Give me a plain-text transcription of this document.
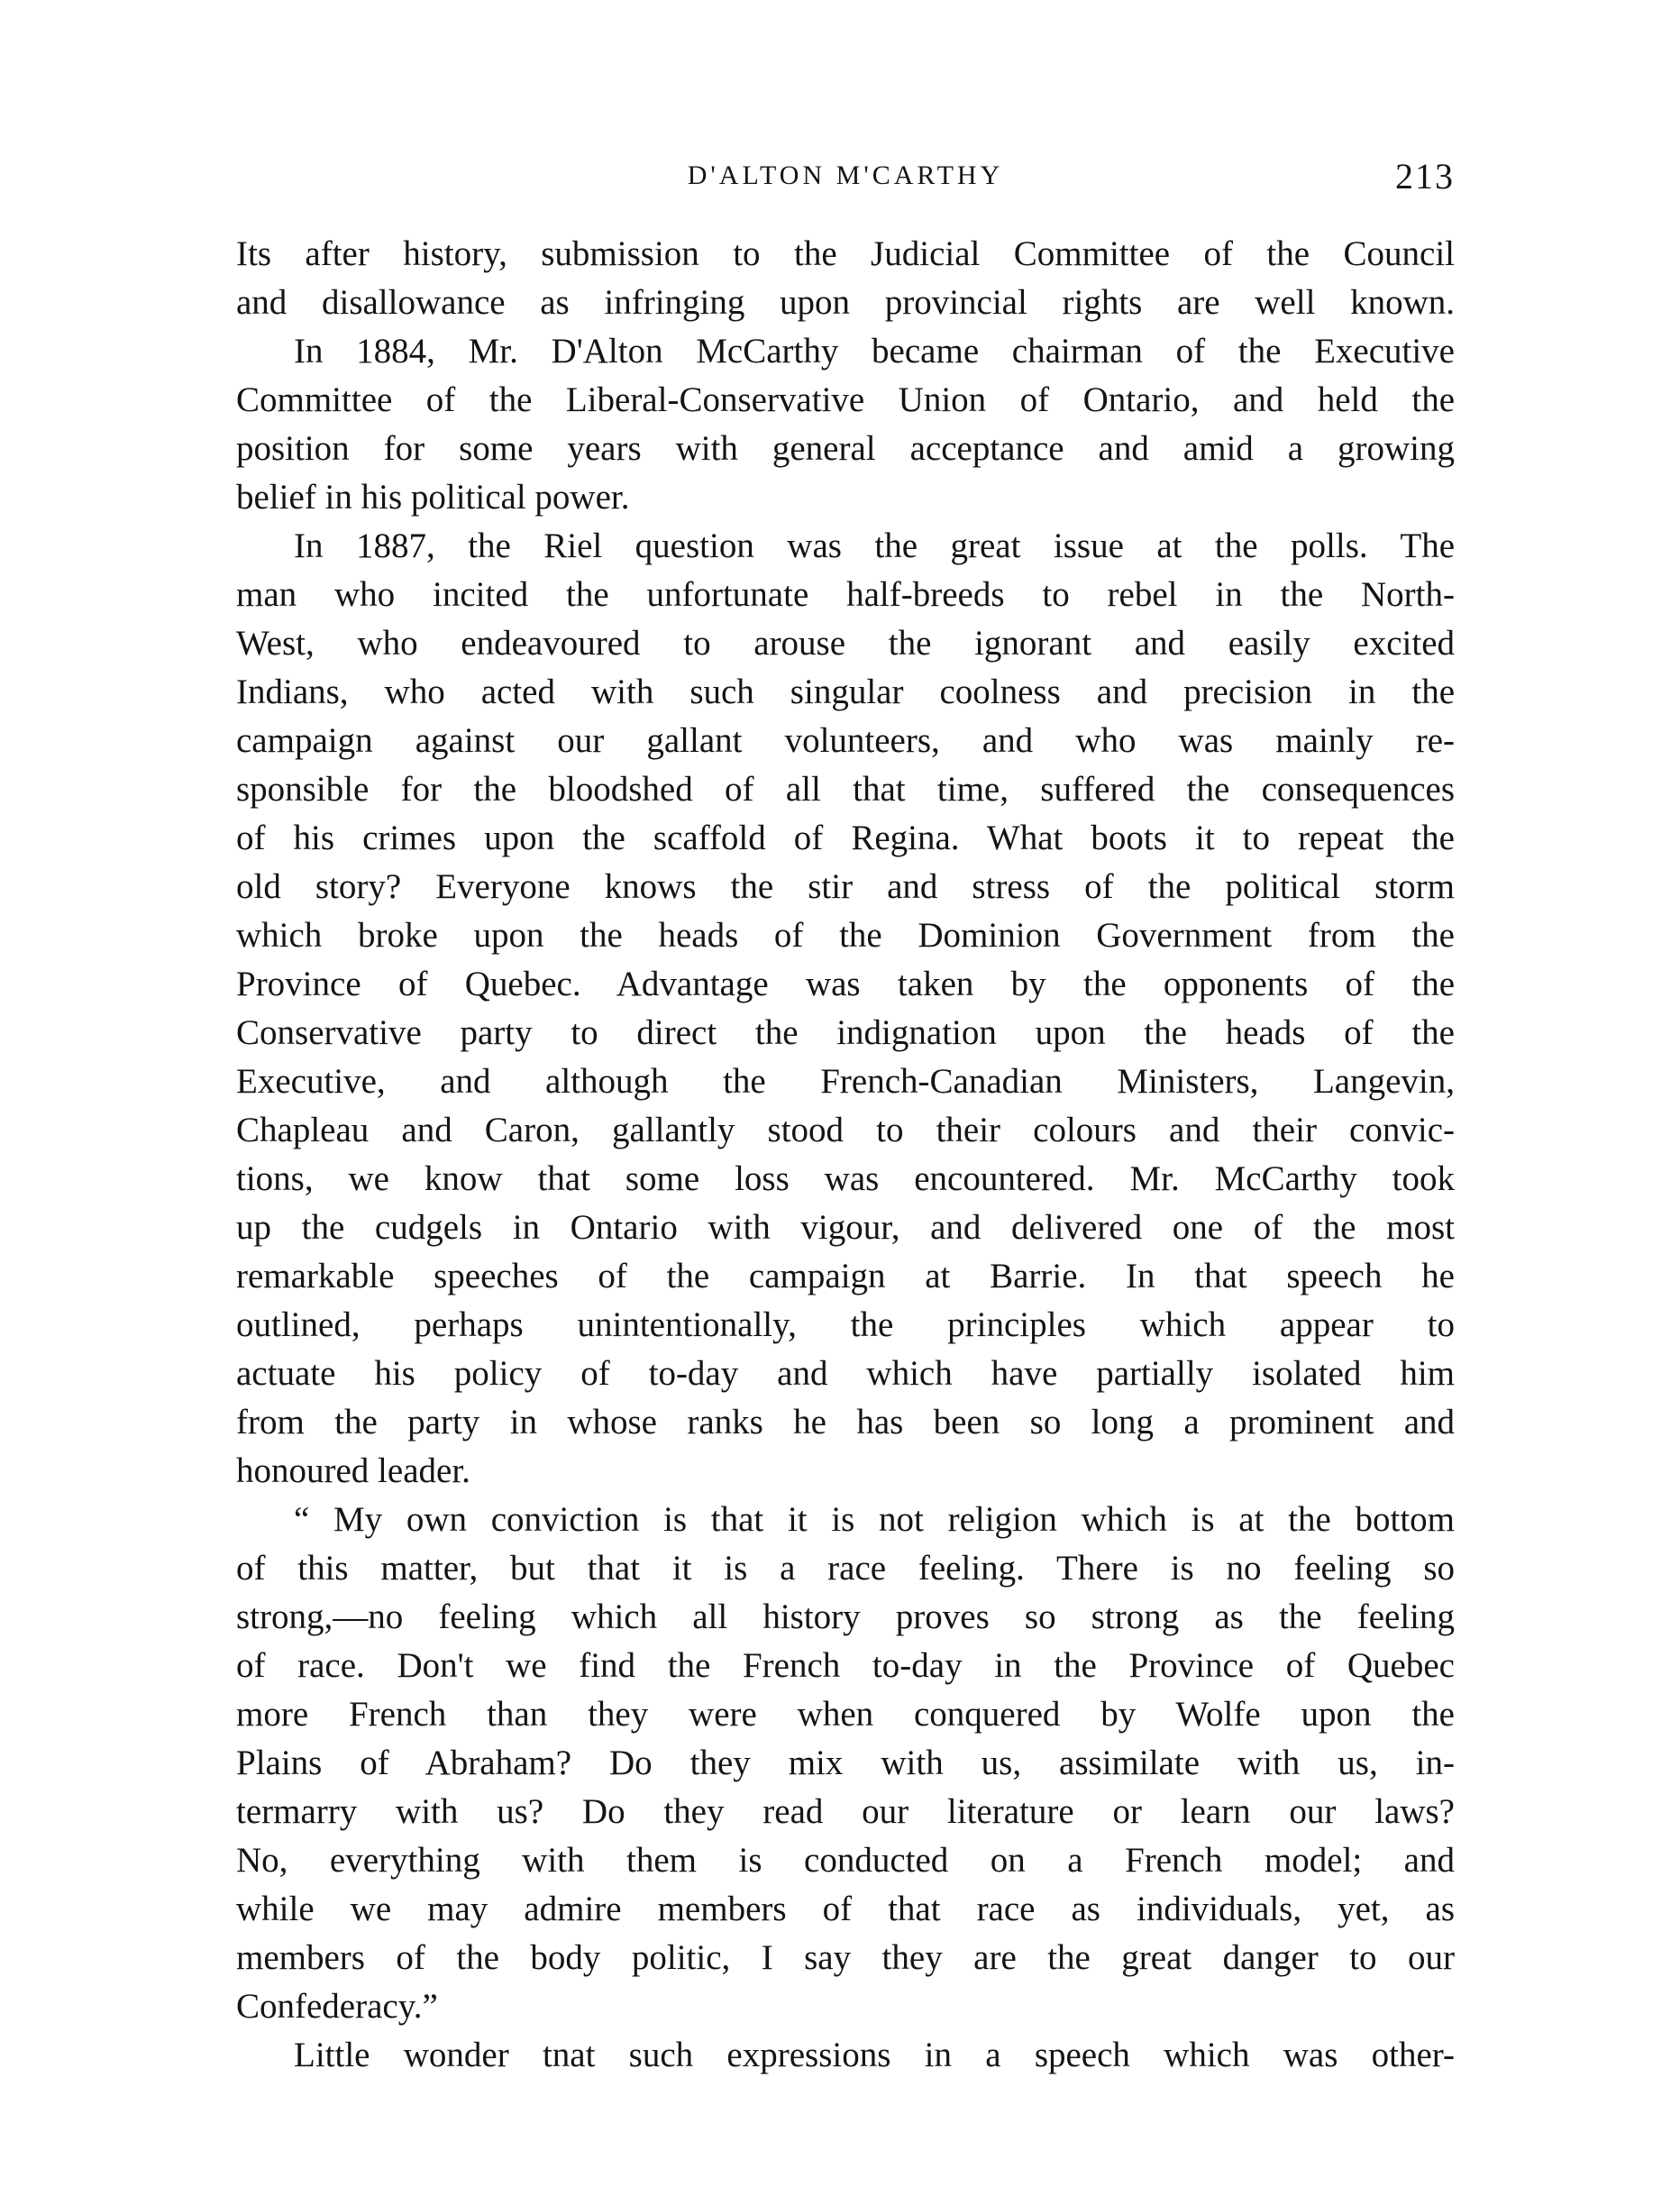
D'ALTON M'CARTHY	213
Its after history, submission to the Judicial Committee of the Council
and disallowance as infringing upon provincial rights are well known.
In 1884, Mr. D'Alton McCarthy became chairman of the Executive
Committee of the Liberal-Conservative Union of Ontario, and held the
position for some years with general acceptance and amid a growing
belief in his political power.
In 1887, the Riel question was the great issue at the polls. The
man who incited the unfortunate half-breeds to rebel in the North-
West, who endeavoured to arouse the ignorant and easily excited
Indians, who acted with such singular coolness and precision in the
campaign against our gallant volunteers, and who was mainly re-
sponsible for the bloodshed of all that time, suffered the consequences
of his crimes upon the scaffold of Regina. What boots it to repeat the
old story? Everyone knows the stir and stress of the political storm
which broke upon the heads of the Dominion Government from the
Province of Quebec. Advantage was taken by the opponents of the
Conservative party to direct the indignation upon the heads of the
Executive, and although the French-Canadian Ministers, Langevin,
Chapleau and Caron, gallantly stood to their colours and their convic-
tions, we know that some loss was encountered. Mr. McCarthy took
up the cudgels in Ontario with vigour, and delivered one of the most
remarkable speeches of the campaign at Barrie. In that speech he
outlined, perhaps unintentionally, the principles which appear to
actuate his policy of to-day and which have partially isolated him
from the party in whose ranks he has been so long a prominent and
honoured leader.
“ My own conviction is that it is not religion which is at the bottom
of this matter, but that it is a race feeling. There is no feeling so
strong,—no feeling which all history proves so strong as the feeling
of race. Don't we find the French to-day in the Province of Quebec
more French than they were when conquered by Wolfe upon the
Plains of Abraham? Do they mix with us, assimilate with us, in-
termarry with us? Do they read our literature or learn our laws?
No, everything with them is conducted on a French model; and
while we may admire members of that race as individuals, yet, as
members of the body politic, I say they are the great danger to our
Confederacy.”
Little wonder tnat such expressions in a speech which was other-
